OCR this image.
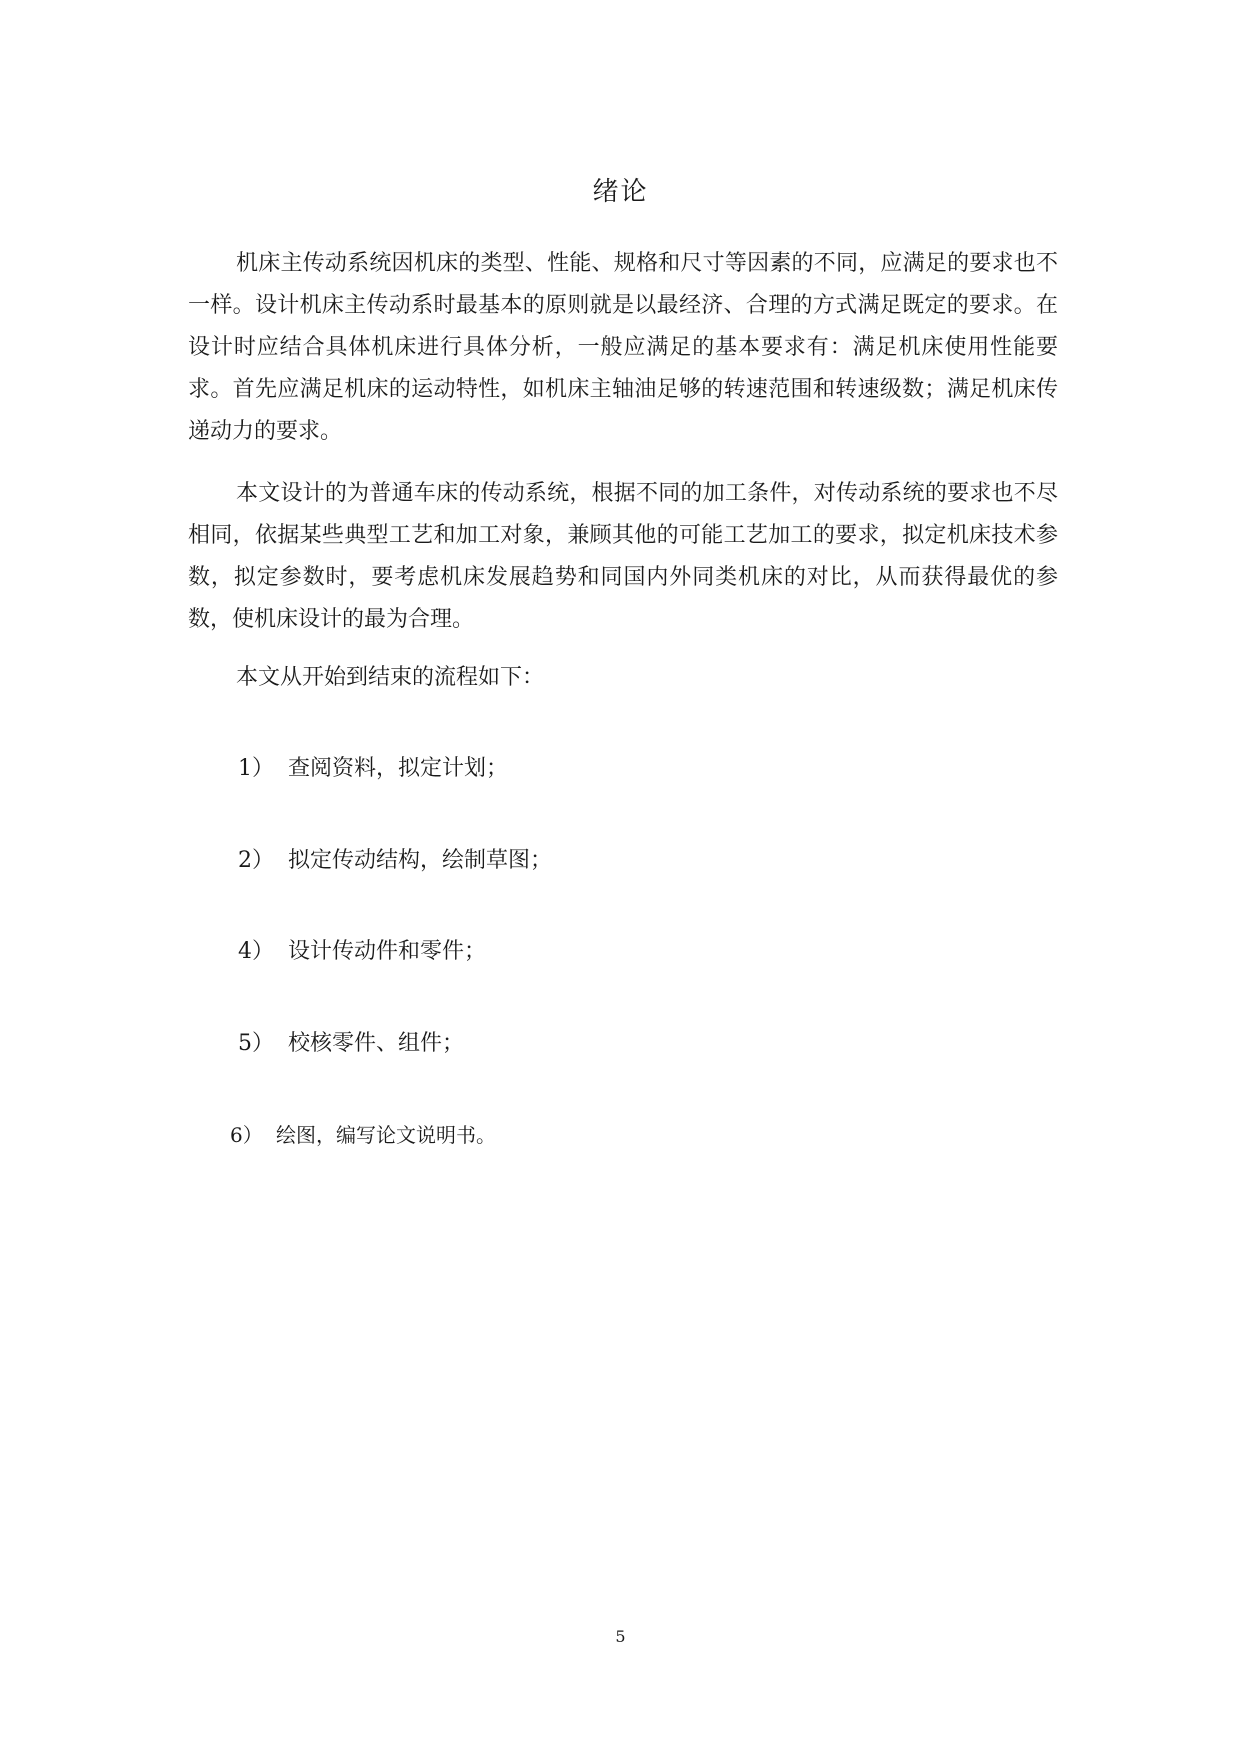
绪论

机床主传动系统因机床的类型、性能、规格和尺寸等因素的不同，应满足的要求也不一样。设计机床主传动系时最基本的原则就是以最经济、合理的方式满足既定的要求。在设计时应结合具体机床进行具体分析，一般应满足的基本要求有：满足机床使用性能要求。首先应满足机床的运动特性，如机床主轴油足够的转速范围和转速级数；满足机床传递动力的要求。

本文设计的为普通车床的传动系统，根据不同的加工条件，对传动系统的要求也不尽相同，依据某些典型工艺和加工对象，兼顾其他的可能工艺加工的要求，拟定机床技术参数，拟定参数时，要考虑机床发展趋势和同国内外同类机床的对比，从而获得最优的参数，使机床设计的最为合理。

本文从开始到结束的流程如下：

1） 查阅资料，拟定计划；
2） 拟定传动结构，绘制草图；
4） 设计传动件和零件；
5） 校核零件、组件；
6） 绘图，编写论文说明书。
5
